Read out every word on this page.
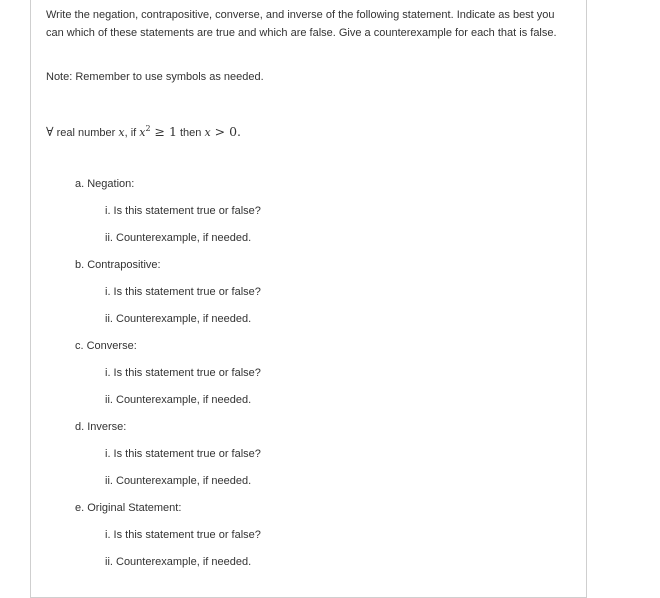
Write the negation, contrapositive, converse, and inverse of the following statement. Indicate as best you can which of these statements are true and which are false. Give a counterexample for each that is false.

Note: Remember to use symbols as needed.

∀ real number x, if $x^2 \ge 1$ then x > 0.
a. Negation:
i. Is this statement true or false?
ii. Counterexample, if needed.
b. Contrapositive:
i. Is this statement true or false?
ii. Counterexample, if needed.
c. Converse:
i. Is this statement true or false?
ii. Counterexample, if needed.
d. Inverse:
i. Is this statement true or false?
ii. Counterexample, if needed.
e. Original Statement:
i. Is this statement true or false?
ii. Counterexample, if needed.
